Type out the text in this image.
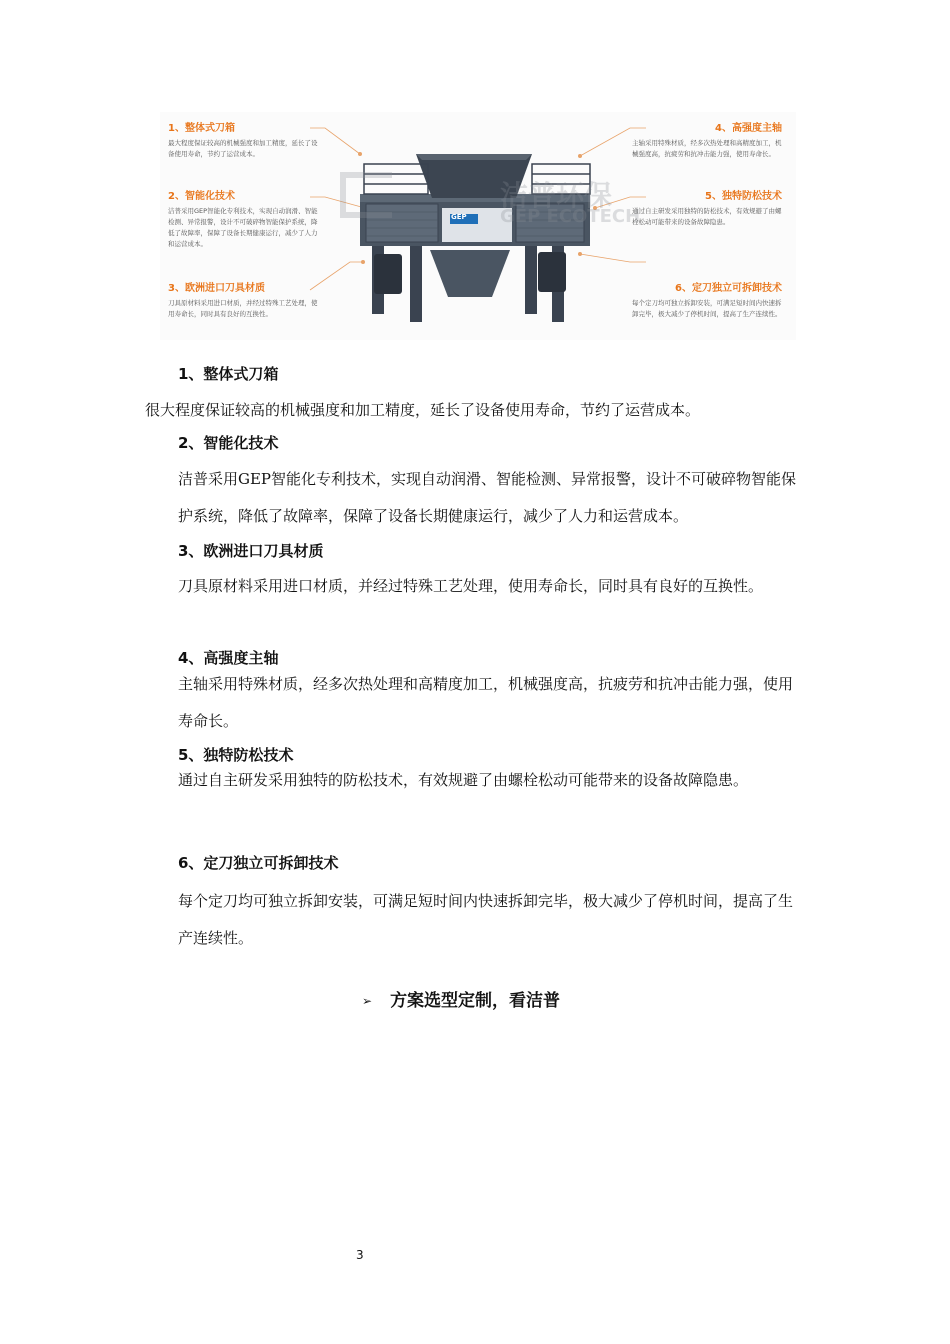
洁普环保
GEP ECOTECH
GEP
1、整体式刀箱
最大程度保证较高的机械强度和加工精度，延长了设备使用寿命，节约了运营成本。
2、智能化技术
洁普采用GEP智能化专利技术，实现自动润滑、智能检测、异常报警，设计不可破碎物智能保护系统，降低了故障率，保障了设备长期健康运行，减少了人力和运营成本。
3、欧洲进口刀具材质
刀具原材料采用进口材质，并经过特殊工艺处理，使用寿命长，同时具有良好的互换性。
4、高强度主轴
主轴采用特殊材质，经多次热处理和高精度加工，机械强度高，抗疲劳和抗冲击能力强，使用寿命长。
5、独特防松技术
通过自主研发采用独特的防松技术，有效规避了由螺栓松动可能带来的设备故障隐患。
6、定刀独立可拆卸技术
每个定刀均可独立拆卸安装，可满足短时间内快速拆卸完毕，极大减少了停机时间，提高了生产连续性。
1、整体式刀箱
很大程度保证较高的机械强度和加工精度，延长了设备使用寿命，节约了运营成本。
2、智能化技术
洁普采用GEP智能化专利技术，实现自动润滑、智能检测、异常报警，设计不可破碎物智能保护系统，降低了故障率，保障了设备长期健康运行，减少了人力和运营成本。
3、欧洲进口刀具材质
刀具原材料采用进口材质，并经过特殊工艺处理，使用寿命长，同时具有良好的互换性。
4、高强度主轴
主轴采用特殊材质，经多次热处理和高精度加工，机械强度高，抗疲劳和抗冲击能力强，使用寿命长。
5、独特防松技术
通过自主研发采用独特的防松技术，有效规避了由螺栓松动可能带来的设备故障隐患。
6、定刀独立可拆卸技术
每个定刀均可独立拆卸安装，可满足短时间内快速拆卸完毕，极大减少了停机时间，提高了生产连续性。
➢ 方案选型定制，看洁普
3
